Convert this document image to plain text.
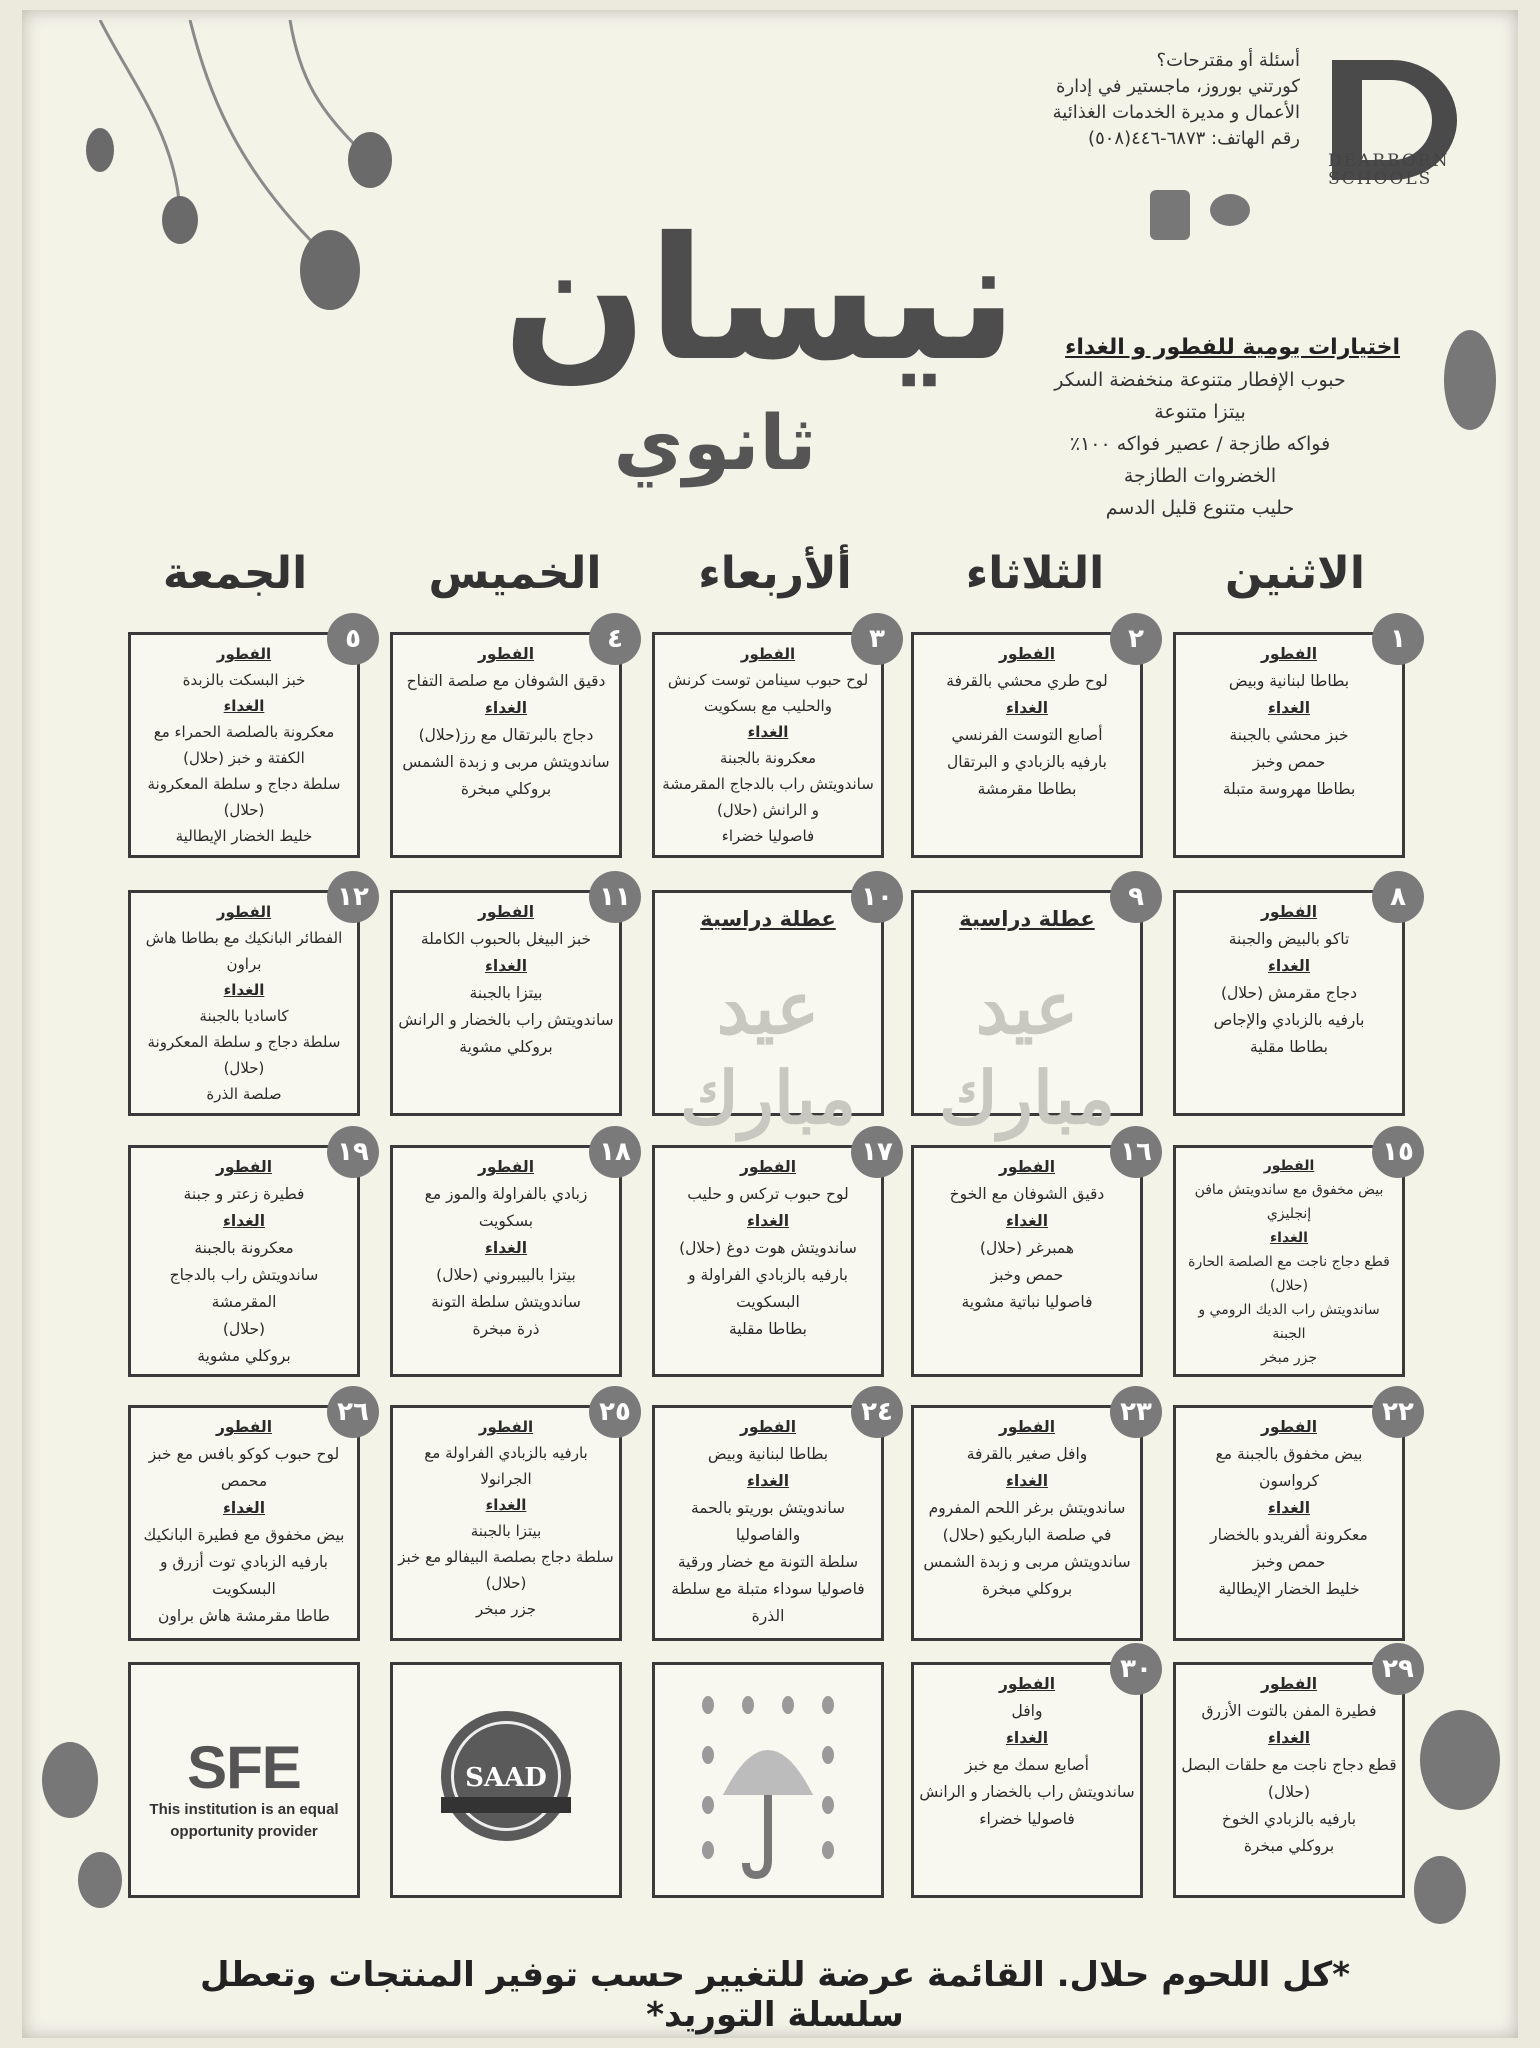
أسئلة أو مقترحات؟
كورتني بوروز، ماجستير في إدارة
الأعمال و مديرة الخدمات الغذائية
رقم الهاتف: ٦٨٧٣-٤٤٦(٥٠٨)
DEARBORN
SCHOOLS
نيسان
ثانوي
اختيارات يومية للفطور و الغداء
حبوب الإفطار متنوعة منخفضة السكر
بيتزا متنوعة
فواكه طازجة / عصير فواكه ١٠٠٪
الخضروات الطازجة
حليب متنوع قليل الدسم
الاثنين
الثلاثاء
ألأربعاء
الخميس
الجمعة
١

الفطور

بطاطا لبنانية وبيض

الغداء

خبز محشي بالجبنة

حمص وخبز

بطاطا مهروسة متبلة

٢

الفطور

لوح طري محشي بالقرفة

الغداء

أصابع التوست الفرنسي

بارفيه بالزبادي و البرتقال

بطاطا مقرمشة

٣

الفطور

لوح حبوب سينامن توست كرنش

والحليب مع بسكويت

الغداء

معكرونة بالجبنة

ساندويتش راب بالدجاج المقرمشة

و الرانش (حلال)

فاصوليا خضراء

٤

الفطور

دقيق الشوفان مع صلصة التفاح

الغداء

دجاج بالبرتقال مع رز(حلال)

ساندويتش مربى و زبدة الشمس

بروكلي مبخرة

٥

الفطور

خبز البسكت بالزبدة

الغداء

معكرونة بالصلصة الحمراء مع

الكفتة و خبز (حلال)

سلطة دجاج و سلطة المعكرونة

(حلال)

خليط الخضار الإيطالية

٨

الفطور

تاكو بالبيض والجبنة

الغداء

دجاج مقرمش (حلال)

بارفيه بالزبادي والإجاص

بطاطا مقلية

٩
عطلة دراسية
عيد مبارك
١٠
عطلة دراسية
عيد مبارك
١١

الفطور

خبز البيغل بالحبوب الكاملة

الغداء

بيتزا بالجبنة

ساندويتش راب بالخضار و الرانش

بروكلي مشوية

١٢

الفطور

الفطائر البانكيك مع بطاطا هاش

براون

الغداء

كاساديا بالجبنة

سلطة دجاج و سلطة المعكرونة

(حلال)

صلصة الذرة

١٥

الفطور

بيض مخفوق مع ساندويتش مافن

إنجليزي

الغداء

قطع دجاج ناجت مع الصلصة الحارة

(حلال)

ساندويتش راب الديك الرومي و

الجبنة

جزر مبخر

١٦

الفطور

دقيق الشوفان مع الخوخ

الغداء

همبرغر (حلال)

حمص وخبز

فاصوليا نباتية مشوية

١٧

الفطور

لوح حبوب تركس و حليب

الغداء

ساندويتش هوت دوغ (حلال)

بارفيه بالزبادي الفراولة و

البسكويت

بطاطا مقلية

١٨

الفطور

زبادي بالفراولة والموز مع

بسكويت

الغداء

بيتزا بالبيبروني (حلال)

ساندويتش سلطة التونة

ذرة مبخرة

١٩

الفطور

فطيرة زعتر و جبنة

الغداء

معكرونة بالجبنة

ساندويتش راب بالدجاج المقرمشة

(حلال)

بروكلي مشوية

٢٢

الفطور

بيض مخفوق بالجبنة مع

كرواسون

الغداء

معكرونة ألفريدو بالخضار

حمص وخبز

خليط الخضار الإيطالية

٢٣

الفطور

وافل صغير بالقرفة

الغداء

ساندويتش برغر اللحم المفروم

في صلصة الباربكيو (حلال)

ساندويتش مربى و زبدة الشمس

بروكلي مبخرة

٢٤

الفطور

بطاطا لبنانية وبيض

الغداء

ساندويتش بوريتو بالحمة

والفاصوليا

سلطة التونة مع خضار ورقية

فاصوليا سوداء متبلة مع سلطة

الذرة

٢٥

الفطور

بارفيه بالزبادي الفراولة مع الجرانولا

الغداء

بيتزا بالجبنة

سلطة دجاج بصلصة البيفالو مع خبز

(حلال)

جزر مبخر

٢٦

الفطور

لوح حبوب كوكو بافس مع خبز

محمص

الغداء

بيض مخفوق مع فطيرة البانكيك

بارفيه الزبادي توت أزرق و

البسكويت

طاطا مقرمشة هاش براون

٢٩

الفطور

فطيرة المفن بالتوت الأزرق

الغداء

قطع دجاج ناجت مع حلقات البصل

(حلال)

بارفيه بالزبادي الخوخ

بروكلي مبخرة

٣٠

الفطور

وافل

الغداء

أصابع سمك مع خبز

ساندويتش راب بالخضار و الرانش

فاصوليا خضراء

SFE
This institution is an equal
opportunity provider
SAAD
*كل اللحوم حلال. القائمة عرضة للتغيير حسب توفير المنتجات وتعطل سلسلة التوريد*
